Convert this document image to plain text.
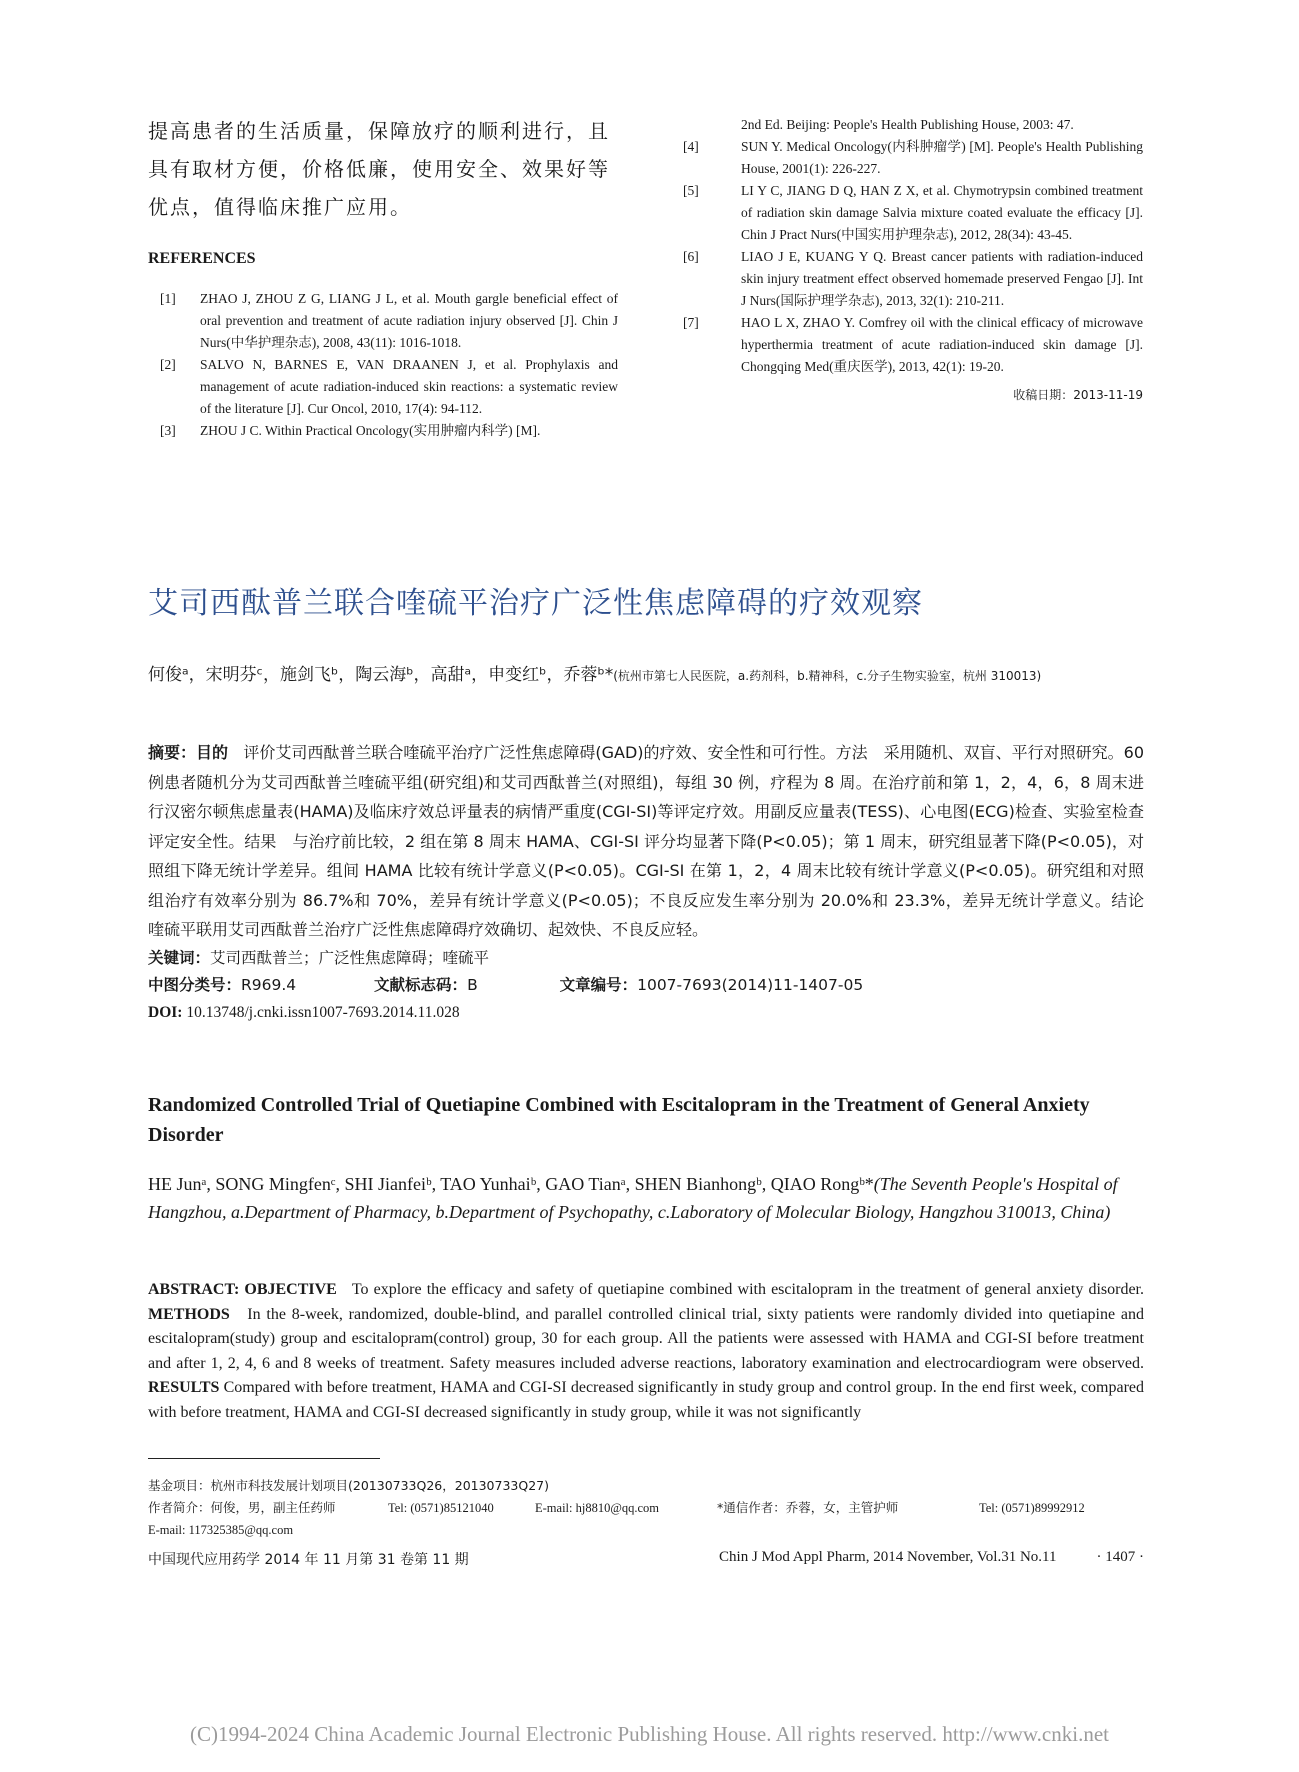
提高患者的生活质量，保障放疗的顺利进行，且具有取材方便，价格低廉，使用安全、效果好等优点，值得临床推广应用。

REFERENCES
[1]	ZHAO J, ZHOU Z G, LIANG J L, et al. Mouth gargle beneficial effect of oral prevention and treatment of acute radiation injury observed [J]. Chin J Nurs(中华护理杂志), 2008, 43(11): 1016-1018.
[2]	SALVO N, BARNES E, VAN DRAANEN J, et al. Prophylaxis and management of acute radiation-induced skin reactions: a systematic review of the literature [J]. Cur Oncol, 2010, 17(4): 94-112.
[3]	ZHOU J C. Within Practical Oncology(实用肿瘤内科学) [M].
2nd Ed. Beijing: People's Health Publishing House, 2003: 47.
[4]	SUN Y. Medical Oncology(内科肿瘤学) [M]. People's Health Publishing House, 2001(1): 226-227.
[5]	LI Y C, JIANG D Q, HAN Z X, et al. Chymotrypsin combined treatment of radiation skin damage Salvia mixture coated evaluate the efficacy [J]. Chin J Pract Nurs(中国实用护理杂志), 2012, 28(34): 43-45.
[6]	LIAO J E, KUANG Y Q. Breast cancer patients with radiation-induced skin injury treatment effect observed homemade preserved Fengao [J]. Int J Nurs(国际护理学杂志), 2013, 32(1): 210-211.
[7]	HAO L X, ZHAO Y. Comfrey oil with the clinical efficacy of microwave hyperthermia treatment of acute radiation-induced skin damage [J]. Chongqing Med(重庆医学), 2013, 42(1): 19-20.
收稿日期：2013-11-19
艾司西酞普兰联合喹硫平治疗广泛性焦虑障碍的疗效观察
何俊ᵃ，宋明芬ᶜ，施剑飞ᵇ，陶云海ᵇ，高甜ᵃ，申变红ᵇ，乔蓉ᵇ*(杭州市第七人民医院，a.药剂科，b.精神科，c.分子生物实验室，杭州 310013)
摘要：目的 评价艾司西酞普兰联合喹硫平治疗广泛性焦虑障碍(GAD)的疗效、安全性和可行性。方法　采用随机、双盲、平行对照研究。60 例患者随机分为艾司西酞普兰喹硫平组(研究组)和艾司西酞普兰(对照组)，每组 30 例，疗程为 8 周。在治疗前和第 1，2，4，6，8 周末进行汉密尔顿焦虑量表(HAMA)及临床疗效总评量表的病情严重度(CGI-SI)等评定疗效。用副反应量表(TESS)、心电图(ECG)检查、实验室检查评定安全性。结果　与治疗前比较，2 组在第 8 周末 HAMA、CGI-SI 评分均显著下降(P<0.05)；第 1 周末，研究组显著下降(P<0.05)，对照组下降无统计学差异。组间 HAMA 比较有统计学意义(P<0.05)。CGI-SI 在第 1，2，4 周末比较有统计学意义(P<0.05)。研究组和对照组治疗有效率分别为 86.7%和 70%，差异有统计学意义(P<0.05)；不良反应发生率分别为 20.0%和 23.3%，差异无统计学意义。结论　喹硫平联用艾司西酞普兰治疗广泛性焦虑障碍疗效确切、起效快、不良反应轻。
关键词：艾司西酞普兰；广泛性焦虑障碍；喹硫平
中图分类号：R969.4	文献标志码：B	文章编号：1007-7693(2014)11-1407-05
DOI: 10.13748/j.cnki.issn1007-7693.2014.11.028
Randomized Controlled Trial of Quetiapine Combined with Escitalopram in the Treatment of General Anxiety Disorder
HE Junᵃ, SONG Mingfenᶜ, SHI Jianfeiᵇ, TAO Yunhaiᵇ, GAO Tianᵃ, SHEN Bianhongᵇ, QIAO Rongᵇ*(The Seventh People's Hospital of Hangzhou, a.Department of Pharmacy, b.Department of Psychopathy, c.Laboratory of Molecular Biology, Hangzhou 310013, China)
ABSTRACT: OBJECTIVE To explore the efficacy and safety of quetiapine combined with escitalopram in the treatment of general anxiety disorder. METHODS In the 8-week, randomized, double-blind, and parallel controlled clinical trial, sixty patients were randomly divided into quetiapine and escitalopram(study) group and escitalopram(control) group, 30 for each group. All the patients were assessed with HAMA and CGI-SI before treatment and after 1, 2, 4, 6 and 8 weeks of treatment. Safety measures included adverse reactions, laboratory examination and electrocardiogram were observed. RESULTS Compared with before treatment, HAMA and CGI-SI decreased significantly in study group and control group. In the end first week, compared with before treatment, HAMA and CGI-SI decreased significantly in study group, while it was not significantly
基金项目：杭州市科技发展计划项目(20130733Q26，20130733Q27)
作者简介：何俊，男，副主任药师	Tel: (0571)85121040	E-mail: hj8810@qq.com	*通信作者：乔蓉，女，主管护师	Tel: (0571)89992912
E-mail: 117325385@qq.com
中国现代应用药学 2014 年 11 月第 31 卷第 11 期	Chin J Mod Appl Pharm, 2014 November, Vol.31 No.11	· 1407 ·
(C)1994-2024 China Academic Journal Electronic Publishing House. All rights reserved. http://www.cnki.net
